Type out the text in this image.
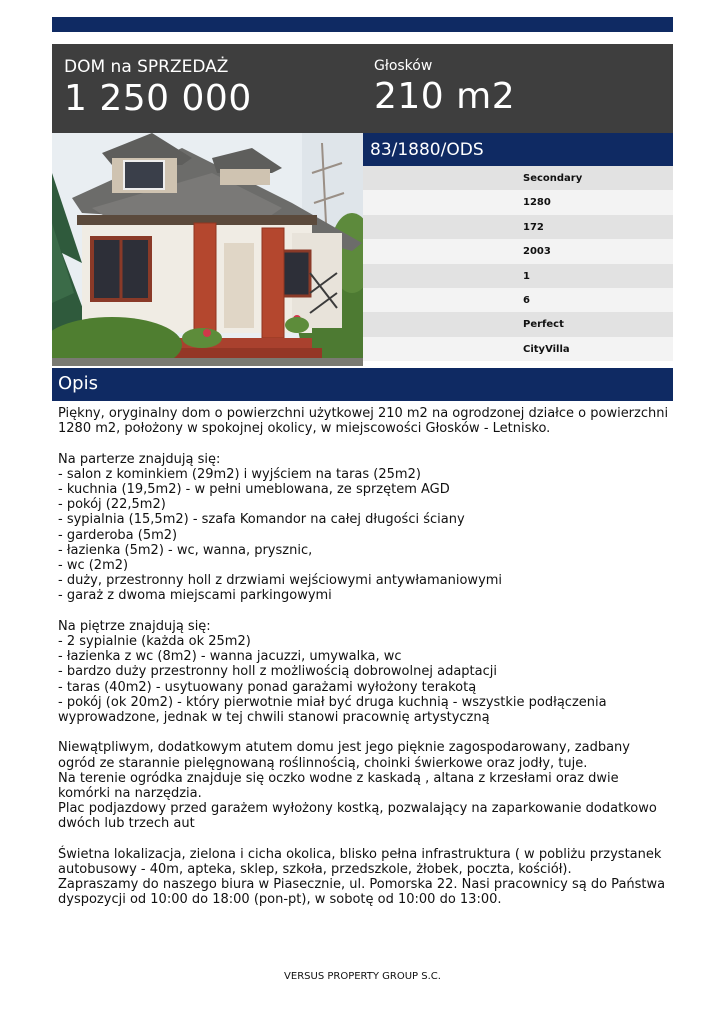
DOM na SPRZEDAŻ
1 250 000
Głosków
210 m2
83/1880/ODS
Secondary
1280
172
2003
1
6
Perfect
CityVilla
Opis

Piękny, oryginalny dom o powierzchni użytkowej 210 m2 na ogrodzonej działce o powierzchni 1280 m2, położony w spokojnej okolicy, w miejscowości Głosków - Letnisko.

Na parterze znajdują się:

- salon z kominkiem (29m2) i wyjściem na taras (25m2)

- kuchnia (19,5m2) - w pełni umeblowana, ze sprzętem AGD

- pokój (22,5m2)

- sypialnia (15,5m2) - szafa Komandor na całej długości ściany

- garderoba (5m2)

- łazienka (5m2) - wc, wanna, prysznic,

- wc (2m2)

- duży, przestronny holl z drzwiami wejściowymi antywłamaniowymi

- garaż z dwoma miejscami parkingowymi

Na piętrze znajdują się:

- 2 sypialnie (każda ok 25m2)

- łazienka z wc (8m2) - wanna jacuzzi, umywalka, wc

- bardzo duży przestronny holl z możliwością dobrowolnej adaptacji

- taras (40m2) - usytuowany ponad garażami wyłożony terakotą

- pokój (ok 20m2) - który pierwotnie miał być druga kuchnią - wszystkie podłączenia wyprowadzone, jednak w tej chwili stanowi pracownię artystyczną

Niewątpliwym, dodatkowym atutem domu jest jego pięknie zagospodarowany, zadbany ogród ze starannie pielęgnowaną roślinnością, choinki świerkowe oraz jodły, tuje.

Na terenie ogródka znajduje się oczko wodne z kaskadą , altana z krzesłami oraz dwie komórki na narzędzia.

Plac podjazdowy przed garażem wyłożony kostką, pozwalający na zaparkowanie dodatkowo dwóch lub trzech aut

Świetna lokalizacja, zielona i cicha okolica, blisko pełna infrastruktura ( w pobliżu przystanek autobusowy - 40m, apteka, sklep, szkoła, przedszkole, żłobek, poczta, kościół).

Zapraszamy do naszego biura w Piasecznie, ul. Pomorska 22. Nasi pracownicy są do Państwa dyspozycji od 10:00 do 18:00 (pon-pt), w sobotę od 10:00 do 13:00.

VERSUS PROPERTY GROUP S.C.
